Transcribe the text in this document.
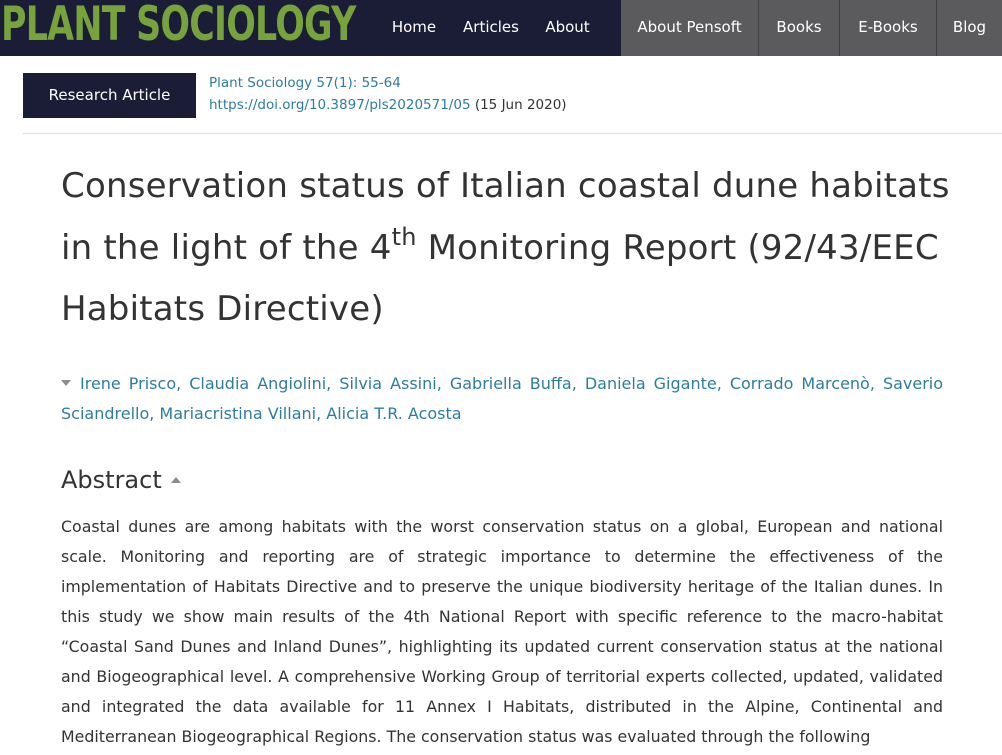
PLANT SOCIOLOGY	Home	Articles	About	About Pensoft	Books	E-Books	Blog
Research Article
Plant Sociology 57(1): 55-64
https://doi.org/10.3897/pls2020571/05 (15 Jun 2020)
Conservation status of Italian coastal dune habitats in the light of the 4th Monitoring Report (92/43/EEC Habitats Directive)
Irene Prisco, Claudia Angiolini, Silvia Assini, Gabriella Buffa, Daniela Gigante, Corrado Marcenò, Saverio Sciandrello, Mariacristina Villani, Alicia T.R. Acosta
Abstract

Coastal dunes are among habitats with the worst conservation status on a global, European and national scale. Monitoring and reporting are of strategic importance to determine the effectiveness of the implementation of Habitats Directive and to preserve the unique biodiversity heritage of the Italian dunes. In this study we show main results of the 4th National Report with specific reference to the macro-habitat “Coastal Sand Dunes and Inland Dunes”, highlighting its updated current conservation status at the national and Biogeographical level. A comprehensive Working Group of territorial experts collected, updated, validated and integrated the data available for 11 Annex I Habitats, distributed in the Alpine, Continental and Mediterranean Biogeographical Regions. The conservation status was evaluated through the following
